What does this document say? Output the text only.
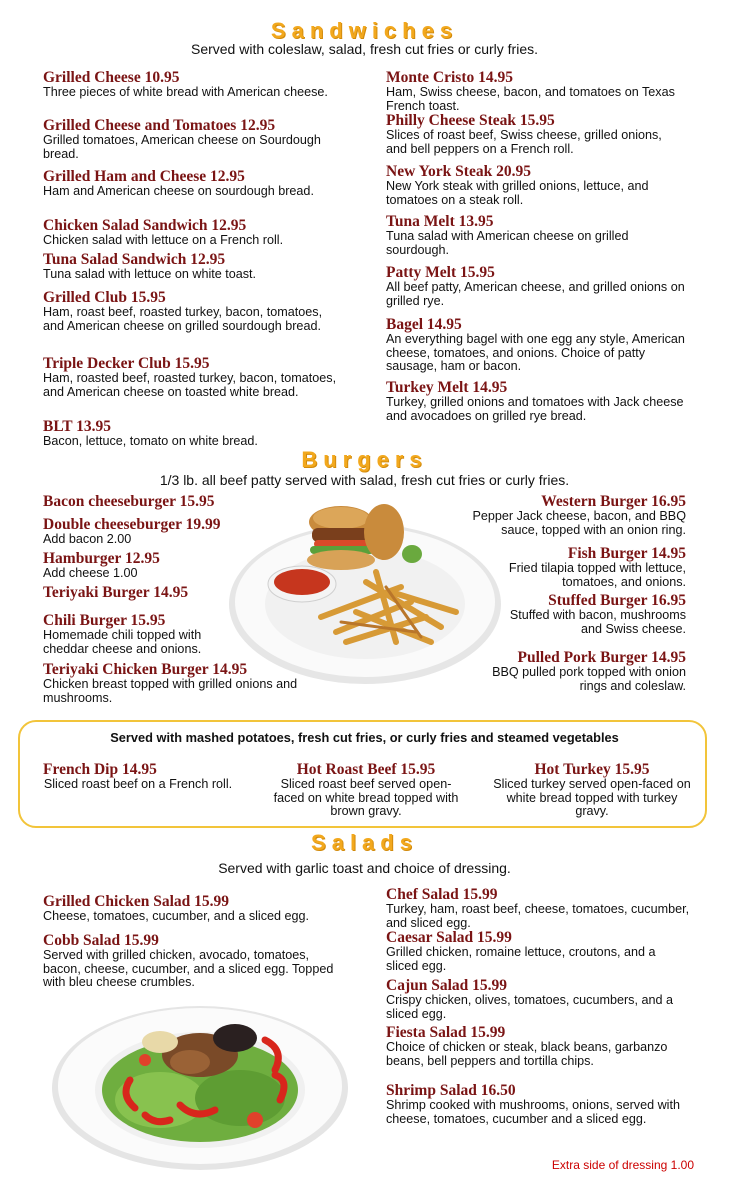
Sandwiches
Served with coleslaw, salad, fresh cut fries or curly fries.
Grilled Cheese 10.95
Three pieces of white bread with American cheese.
Grilled Cheese and Tomatoes 12.95
Grilled tomatoes, American cheese on Sourdough bread.
Grilled Ham and Cheese 12.95
Ham and American cheese on sourdough bread.
Chicken Salad Sandwich 12.95
Chicken salad with lettuce on a French roll.
Tuna Salad Sandwich 12.95
Tuna salad with lettuce on white toast.
Grilled Club 15.95
Ham, roast beef, roasted turkey, bacon, tomatoes, and American cheese on grilled sourdough bread.
Triple Decker Club 15.95
Ham, roasted beef, roasted turkey, bacon, tomatoes, and American cheese on toasted white bread.
BLT 13.95
Bacon, lettuce, tomato on white bread.
Monte Cristo 14.95
Ham, Swiss cheese, bacon, and tomatoes on Texas French toast.
Philly Cheese Steak 15.95
Slices of roast beef, Swiss cheese, grilled onions, and bell peppers on a French roll.
New York Steak 20.95
New York steak with grilled onions, lettuce, and tomatoes on a steak roll.
Tuna Melt 13.95
Tuna salad with American cheese on grilled sourdough.
Patty Melt 15.95
All beef patty, American cheese, and grilled onions on grilled rye.
Bagel 14.95
An everything bagel with one egg any style, American cheese, tomatoes, and onions. Choice of patty sausage, ham or bacon.
Turkey Melt 14.95
Turkey, grilled onions and tomatoes with Jack cheese and avocadoes on grilled rye bread.
Burgers
1/3 lb. all beef patty served with salad, fresh cut fries or curly fries.
Bacon cheeseburger 15.95
Double cheeseburger 19.99
Add bacon 2.00
Hamburger 12.95
Add cheese 1.00
Teriyaki Burger 14.95
Chili Burger 15.95
Homemade chili topped with cheddar cheese and onions.
Teriyaki Chicken Burger 14.95
Chicken breast topped with grilled onions and mushrooms.
Western Burger 16.95
Pepper Jack cheese, bacon, and BBQ sauce, topped with an onion ring.
Fish Burger 14.95
Fried tilapia topped with lettuce, tomatoes, and onions.
Stuffed Burger 16.95
Stuffed with bacon, mushrooms and Swiss cheese.
Pulled Pork Burger 14.95
BBQ pulled pork topped with onion rings and coleslaw.
Served with mashed potatoes, fresh cut fries, or curly fries and steamed vegetables
French Dip 14.95
Sliced roast beef on a French roll.
Hot Roast Beef 15.95
Sliced roast beef served open-faced on white bread topped with brown gravy.
Hot Turkey 15.95
Sliced turkey served open-faced on white bread topped with turkey gravy.
Salads
Served with garlic toast and choice of dressing.
Grilled Chicken Salad 15.99
Cheese, tomatoes, cucumber, and a sliced egg.
Cobb Salad 15.99
Served with grilled chicken, avocado, tomatoes, bacon, cheese, cucumber, and a sliced egg. Topped with bleu cheese crumbles.
Chef Salad 15.99
Turkey, ham, roast beef, cheese, tomatoes, cucumber, and sliced egg.
Caesar Salad 15.99
Grilled chicken, romaine lettuce, croutons, and a sliced egg.
Cajun Salad 15.99
Crispy chicken, olives, tomatoes, cucumbers, and a sliced egg.
Fiesta Salad 15.99
Choice of chicken or steak, black beans, garbanzo beans, bell peppers and tortilla chips.
Shrimp Salad 16.50
Shrimp cooked with mushrooms, onions, served with cheese, tomatoes, cucumber and a sliced egg.
Extra side of dressing 1.00
